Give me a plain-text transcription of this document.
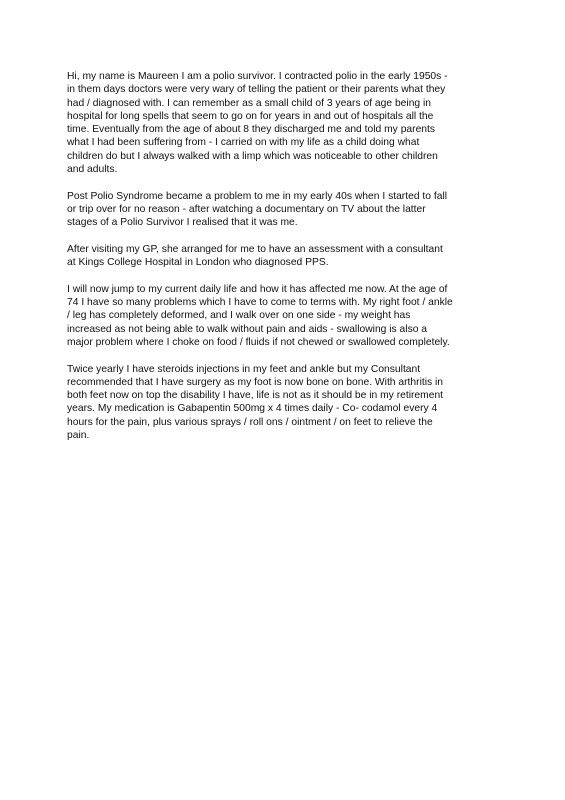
Hi, my name is Maureen I am a polio survivor. I contracted polio in the early 1950s -
in them days doctors were very wary of telling the patient or their parents what they
had / diagnosed with. I can remember as a small child of 3 years of age being in
hospital for long spells that seem to go on for years in and out of hospitals all the
time. Eventually from the age of about 8 they discharged me and told my parents
what I had been suffering from - I carried on with my life as a child doing what
children do but I always walked with a limp which was noticeable to other children
and adults.

Post Polio Syndrome became a problem to me in my early 40s when I started to fall
or trip over for no reason - after watching a documentary on TV about the latter
stages of a Polio Survivor I realised that it was me.

After visiting my GP, she arranged for me to have an assessment with a consultant
at Kings College Hospital in London who diagnosed PPS.

I will now jump to my current daily life and how it has affected me now. At the age of
74 I have so many problems which I have to come to terms with. My right foot / ankle
/ leg has completely deformed, and I walk over on one side - my weight has
increased as not being able to walk without pain and aids - swallowing is also a
major problem where I choke on food / fluids if not chewed or swallowed completely.

Twice yearly I have steroids injections in my feet and ankle but my Consultant
recommended that I have surgery as my foot is now bone on bone. With arthritis in
both feet now on top the disability I have, life is not as it should be in my retirement
years. My medication is Gabapentin 500mg x 4 times daily - Co- codamol every 4
hours for the pain, plus various sprays / roll ons / ointment / on feet to relieve the
pain.
